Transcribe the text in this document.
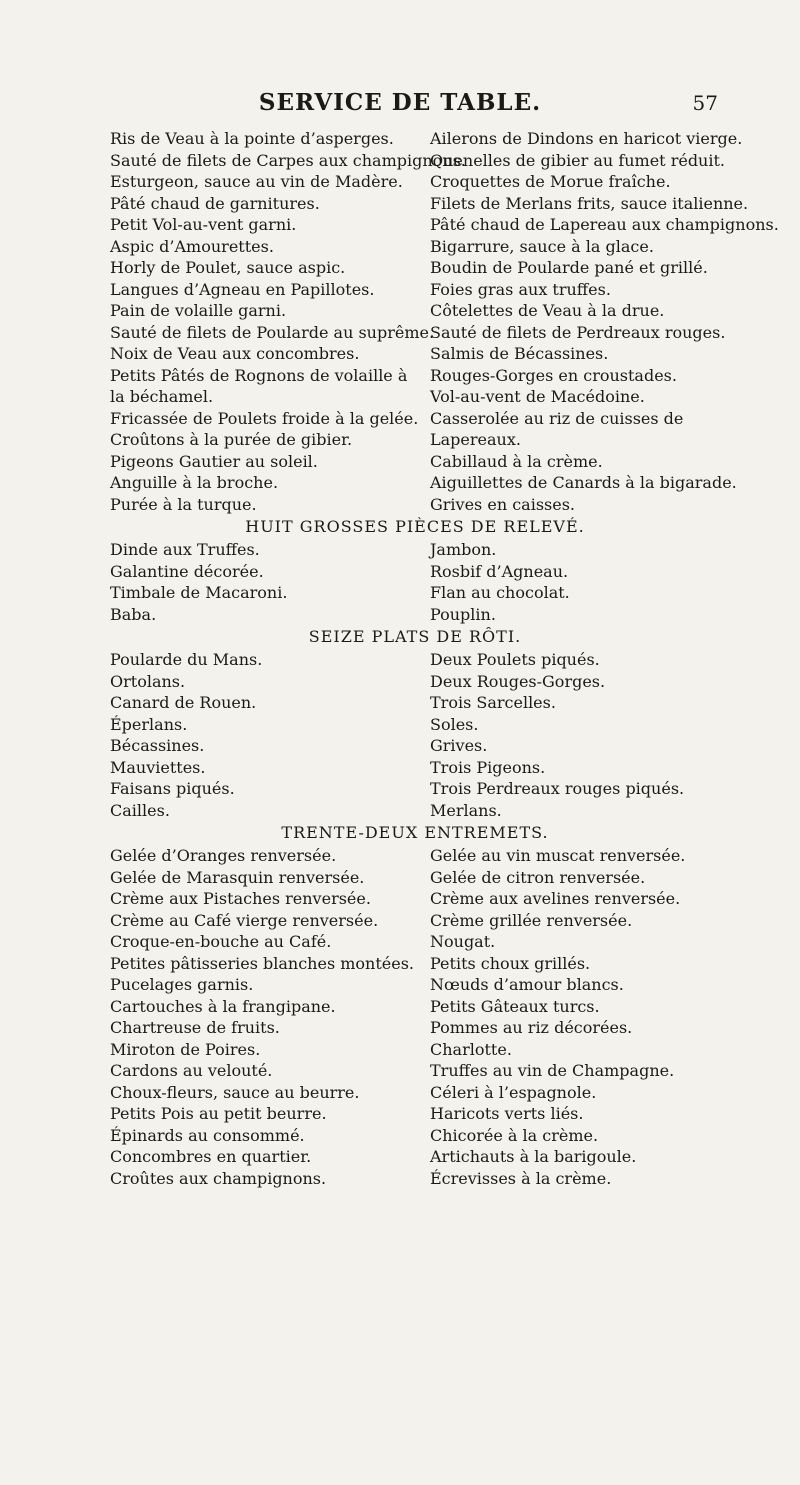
SERVICE DE TABLE.	57

Ris de Veau à la pointe d’asperges.

Sauté de filets de Carpes aux champignons.

Esturgeon, sauce au vin de Madère.

Pâté chaud de garnitures.

Petit Vol-au-vent garni.

Aspic d’Amourettes.

Horly de Poulet, sauce aspic.

Langues d’Agneau en Papillotes.

Pain de volaille garni.

Sauté de filets de Poularde au suprême.

Noix de Veau aux concombres.

Petits Pâtés de Rognons de volaille à la béchamel.

Fricassée de Poulets froide à la gelée.

Croûtons à la purée de gibier.

Pigeons Gautier au soleil.

Anguille à la broche.

Purée à la turque.

Ailerons de Dindons en haricot vierge.

Quenelles de gibier au fumet réduit.

Croquettes de Morue fraîche.

Filets de Merlans frits, sauce italienne.

Pâté chaud de Lapereau aux champignons.

Bigarrure, sauce à la glace.

Boudin de Poularde pané et grillé.

Foies gras aux truffes.

Côtelettes de Veau à la drue.

Sauté de filets de Perdreaux rouges.

Salmis de Bécassines.

Rouges-Gorges en croustades.

Vol-au-vent de Macédoine.

Casserolée au riz de cuisses de Lapereaux.

Cabillaud à la crème.

Aiguillettes de Canards à la bigarade.

Grives en caisses.

HUIT GROSSES PIÈCES DE RELEVÉ.

Dinde aux Truffes.

Galantine décorée.

Timbale de Macaroni.

Baba.

Jambon.

Rosbif d’Agneau.

Flan au chocolat.

Pouplin.

SEIZE PLATS DE RÔTI.

Poularde du Mans.

Ortolans.

Canard de Rouen.

Éperlans.

Bécassines.

Mauviettes.

Faisans piqués.

Cailles.

Deux Poulets piqués.

Deux Rouges-Gorges.

Trois Sarcelles.

Soles.

Grives.

Trois Pigeons.

Trois Perdreaux rouges piqués.

Merlans.

TRENTE-DEUX ENTREMETS.

Gelée d’Oranges renversée.

Gelée de Marasquin renversée.

Crème aux Pistaches renversée.

Crème au Café vierge renversée.

Croque-en-bouche au Café.

Petites pâtisseries blanches montées.

Pucelages garnis.

Cartouches à la frangipane.

Chartreuse de fruits.

Miroton de Poires.

Cardons au velouté.

Choux-fleurs, sauce au beurre.

Petits Pois au petit beurre.

Épinards au consommé.

Concombres en quartier.

Croûtes aux champignons.

Gelée au vin muscat renversée.

Gelée de citron renversée.

Crème aux avelines renversée.

Crème grillée renversée.

Nougat.

Petits choux grillés.

Nœuds d’amour blancs.

Petits Gâteaux turcs.

Pommes au riz décorées.

Charlotte.

Truffes au vin de Champagne.

Céleri à l’espagnole.

Haricots verts liés.

Chicorée à la crème.

Artichauts à la barigoule.

Écrevisses à la crème.
